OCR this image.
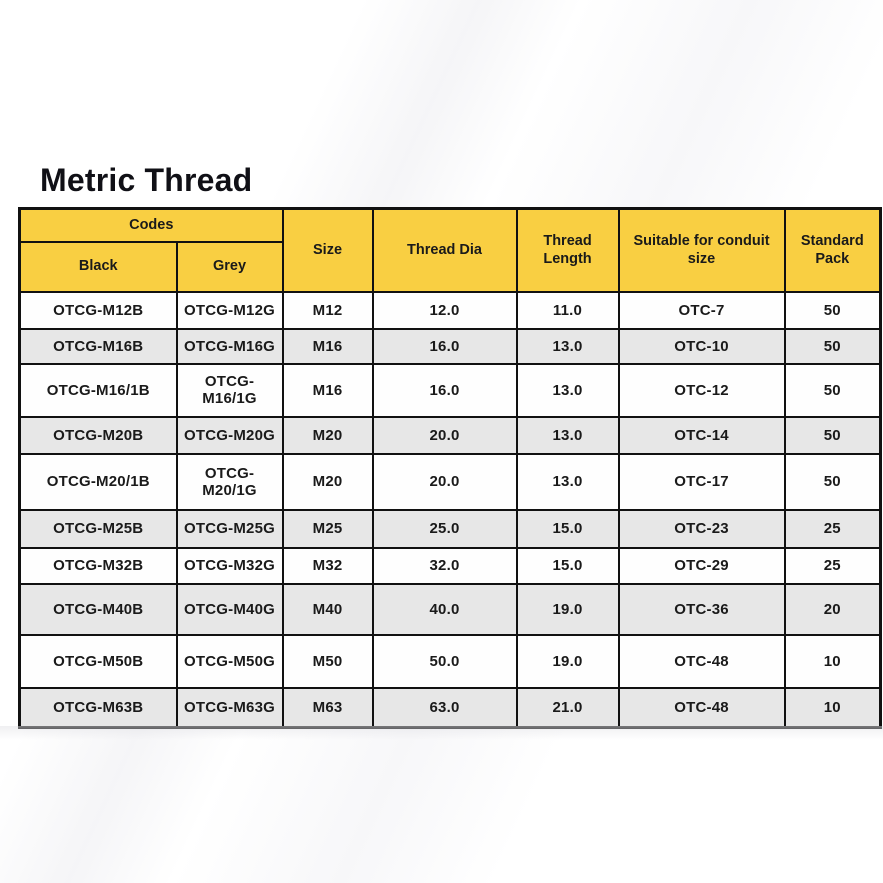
Metric Thread
Codes		Size	Thread Dia	Thread Length	Suitable for conduit size	Standard Pack
Black	Grey					
OTCG-M12B	OTCG-M12G	M12	12.0	11.0	OTC-7	50
OTCG-M16B	OTCG-M16G	M16	16.0	13.0	OTC-10	50
OTCG-M16/1B	OTCG-M16/1G	M16	16.0	13.0	OTC-12	50
OTCG-M20B	OTCG-M20G	M20	20.0	13.0	OTC-14	50
OTCG-M20/1B	OTCG-M20/1G	M20	20.0	13.0	OTC-17	50
OTCG-M25B	OTCG-M25G	M25	25.0	15.0	OTC-23	25
OTCG-M32B	OTCG-M32G	M32	32.0	15.0	OTC-29	25
OTCG-M40B	OTCG-M40G	M40	40.0	19.0	OTC-36	20
OTCG-M50B	OTCG-M50G	M50	50.0	19.0	OTC-48	10
OTCG-M63B	OTCG-M63G	M63	63.0	21.0	OTC-48	10
